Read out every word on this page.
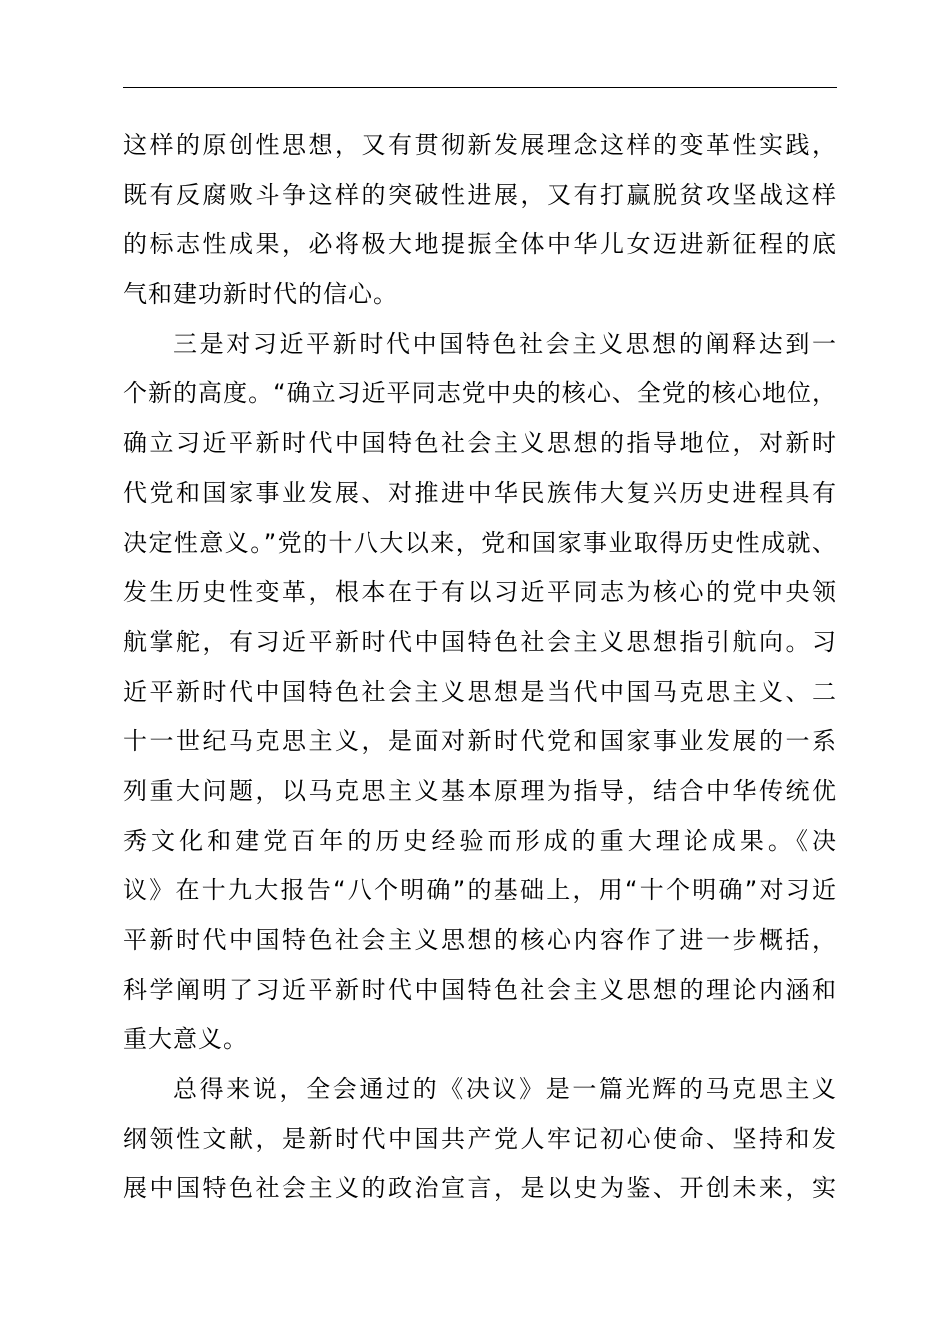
这样的原创性思想，又有贯彻新发展理念这样的变革性实践，
既有反腐败斗争这样的突破性进展，又有打赢脱贫攻坚战这样
的标志性成果，必将极大地提振全体中华儿女迈进新征程的底
气和建功新时代的信心。
三是对习近平新时代中国特色社会主义思想的阐释达到一
个新的高度。“确立习近平同志党中央的核心、全党的核心地位，
确立习近平新时代中国特色社会主义思想的指导地位，对新时
代党和国家事业发展、对推进中华民族伟大复兴历史进程具有
决定性意义。”党的十八大以来，党和国家事业取得历史性成就、
发生历史性变革，根本在于有以习近平同志为核心的党中央领
航掌舵，有习近平新时代中国特色社会主义思想指引航向。习
近平新时代中国特色社会主义思想是当代中国马克思主义、二
十一世纪马克思主义，是面对新时代党和国家事业发展的一系
列重大问题，以马克思主义基本原理为指导，结合中华传统优
秀文化和建党百年的历史经验而形成的重大理论成果。《决
议》在十九大报告“八个明确”的基础上，用“十个明确”对习近
平新时代中国特色社会主义思想的核心内容作了进一步概括，
科学阐明了习近平新时代中国特色社会主义思想的理论内涵和
重大意义。
总得来说，全会通过的《决议》是一篇光辉的马克思主义
纲领性文献，是新时代中国共产党人牢记初心使命、坚持和发
展中国特色社会主义的政治宣言，是以史为鉴、开创未来，实
